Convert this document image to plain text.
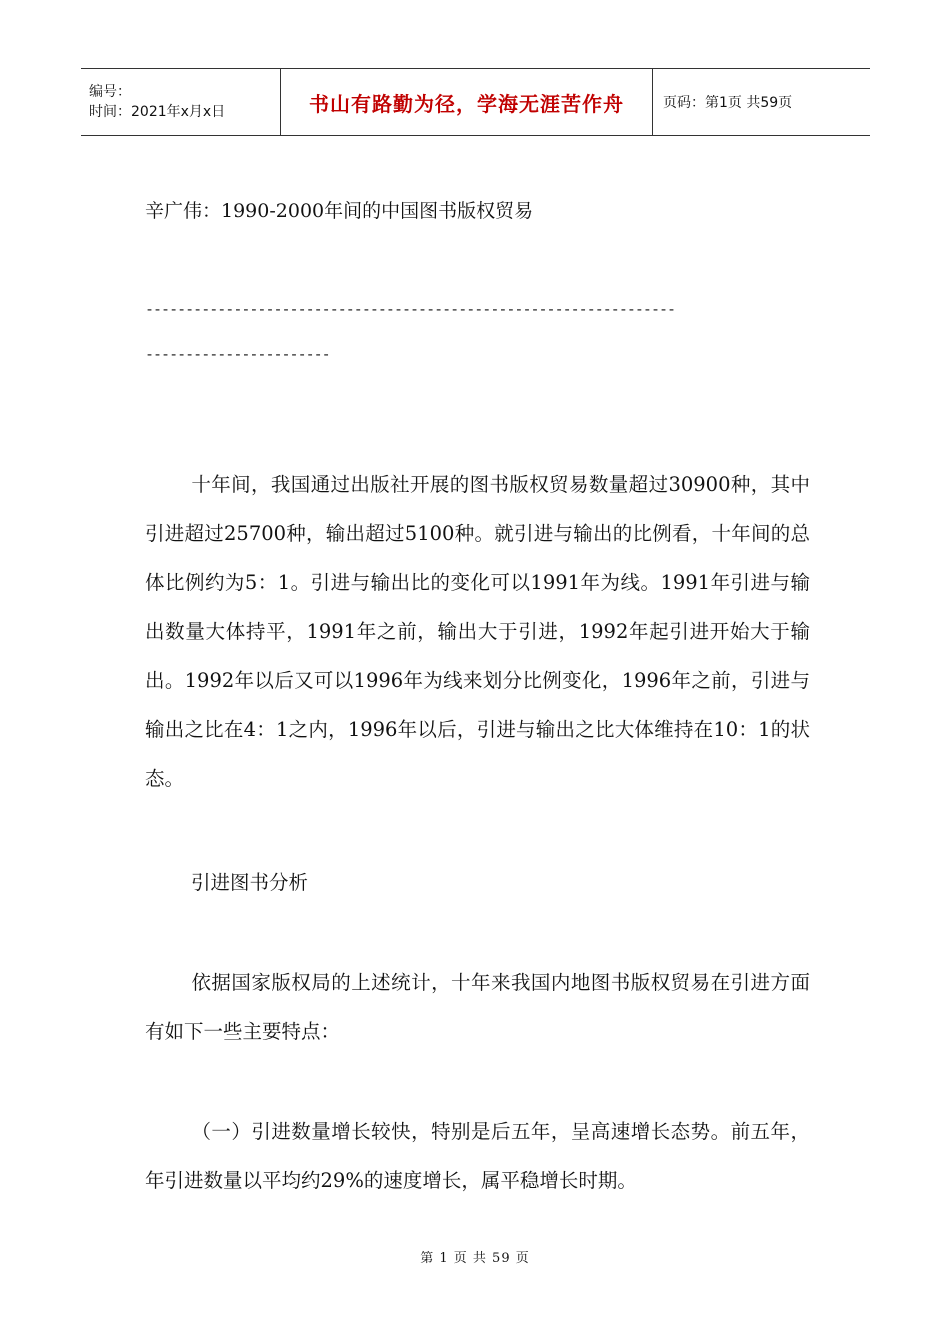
编号：
时间：2021年x月x日	书山有路勤为径，学海无涯苦作舟	页码：第1页 共59页
辛广伟：1990-2000年间的中国图书版权贸易
------------------------------------------------------------------
-----------------------
十年间，我国通过出版社开展的图书版权贸易数量超过30900种，其中引进超过25700种，输出超过5100种。就引进与输出的比例看，十年间的总体比例约为5：1。引进与输出比的变化可以1991年为线。1991年引进与输出数量大体持平，1991年之前，输出大于引进，1992年起引进开始大于输出。1992年以后又可以1996年为线来划分比例变化，1996年之前，引进与输出之比在4：1之内，1996年以后，引进与输出之比大体维持在10：1的状态。
引进图书分析
依据国家版权局的上述统计，十年来我国内地图书版权贸易在引进方面有如下一些主要特点：
（一）引进数量增长较快，特别是后五年，呈高速增长态势。前五年，年引进数量以平均约29%的速度增长，属平稳增长时期。
第 1 页 共 59 页
